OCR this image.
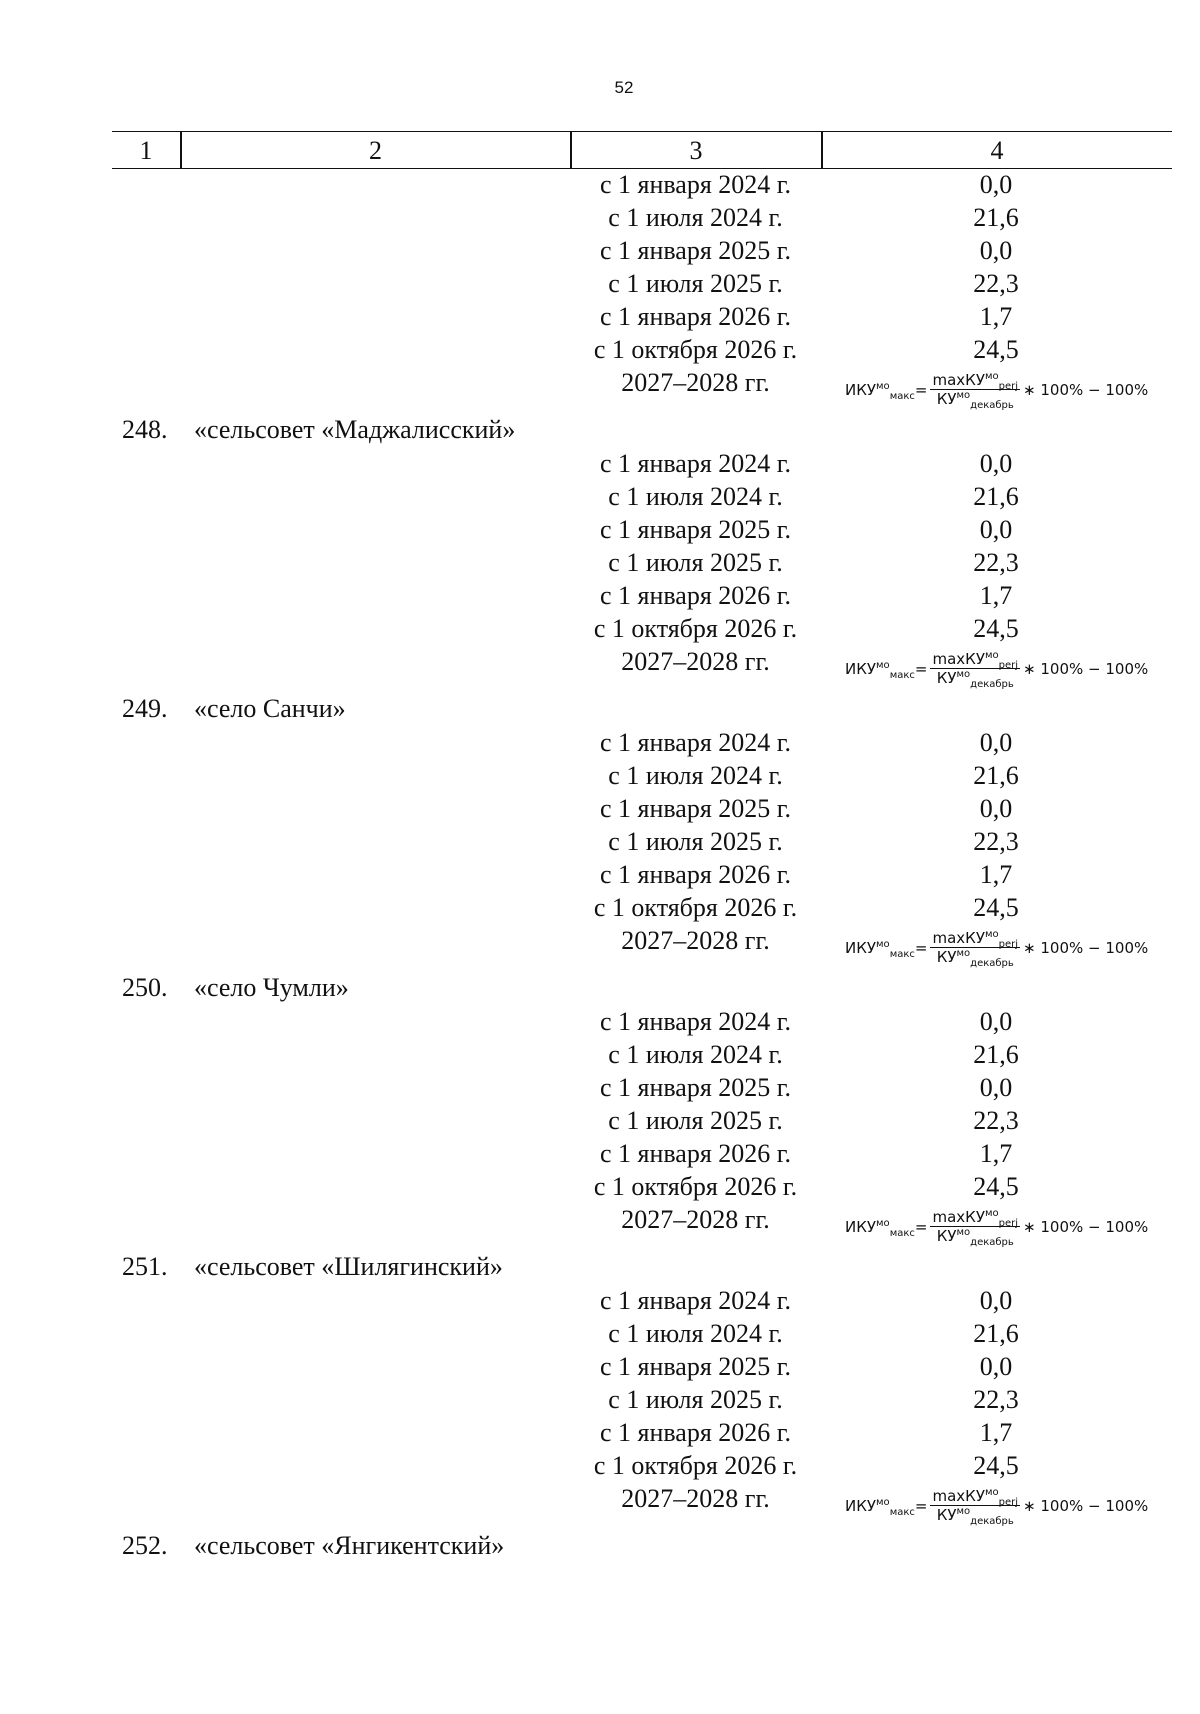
52
1	2	3	4
с 1 января 2024 г.	0,0
с 1 июля 2024 г.	21,6
с 1 января 2025 г.	0,0
с 1 июля 2025 г.	22,3
с 1 января 2026 г.	1,7
с 1 октября 2026 г.	24,5
2027–2028 гг.	$ИКУ^{мо}_{макс} = \frac{\max КУ^{мо}_{perj}}{КУ^{мо}_{декабрь}}$ ∗ 100% − 100%
248. «сельсовет «Маджалисский»
с 1 января 2024 г.	0,0
с 1 июля 2024 г.	21,6
с 1 января 2025 г.	0,0
с 1 июля 2025 г.	22,3
с 1 января 2026 г.	1,7
с 1 октября 2026 г.	24,5
2027–2028 гг.	$ИКУ^{мо}_{макс} = \frac{\max КУ^{мо}_{perj}}{КУ^{мо}_{декабрь}}$ ∗ 100% − 100%
249. «село Санчи»
с 1 января 2024 г.	0,0
с 1 июля 2024 г.	21,6
с 1 января 2025 г.	0,0
с 1 июля 2025 г.	22,3
с 1 января 2026 г.	1,7
с 1 октября 2026 г.	24,5
2027–2028 гг.	$ИКУ^{мо}_{макс} = \frac{\max КУ^{мо}_{perj}}{КУ^{мо}_{декабрь}}$ ∗ 100% − 100%
250. «село Чумли»
с 1 января 2024 г.	0,0
с 1 июля 2024 г.	21,6
с 1 января 2025 г.	0,0
с 1 июля 2025 г.	22,3
с 1 января 2026 г.	1,7
с 1 октября 2026 г.	24,5
2027–2028 гг.	$ИКУ^{мо}_{макс} = \frac{\max КУ^{мо}_{perj}}{КУ^{мо}_{декабрь}}$ ∗ 100% − 100%
251. «сельсовет «Шилягинский»
с 1 января 2024 г.	0,0
с 1 июля 2024 г.	21,6
с 1 января 2025 г.	0,0
с 1 июля 2025 г.	22,3
с 1 января 2026 г.	1,7
с 1 октября 2026 г.	24,5
2027–2028 гг.	$ИКУ^{мо}_{макс} = \frac{\max КУ^{мо}_{perj}}{КУ^{мо}_{декабрь}}$ ∗ 100% − 100%
252. «сельсовет «Янгикентский»
